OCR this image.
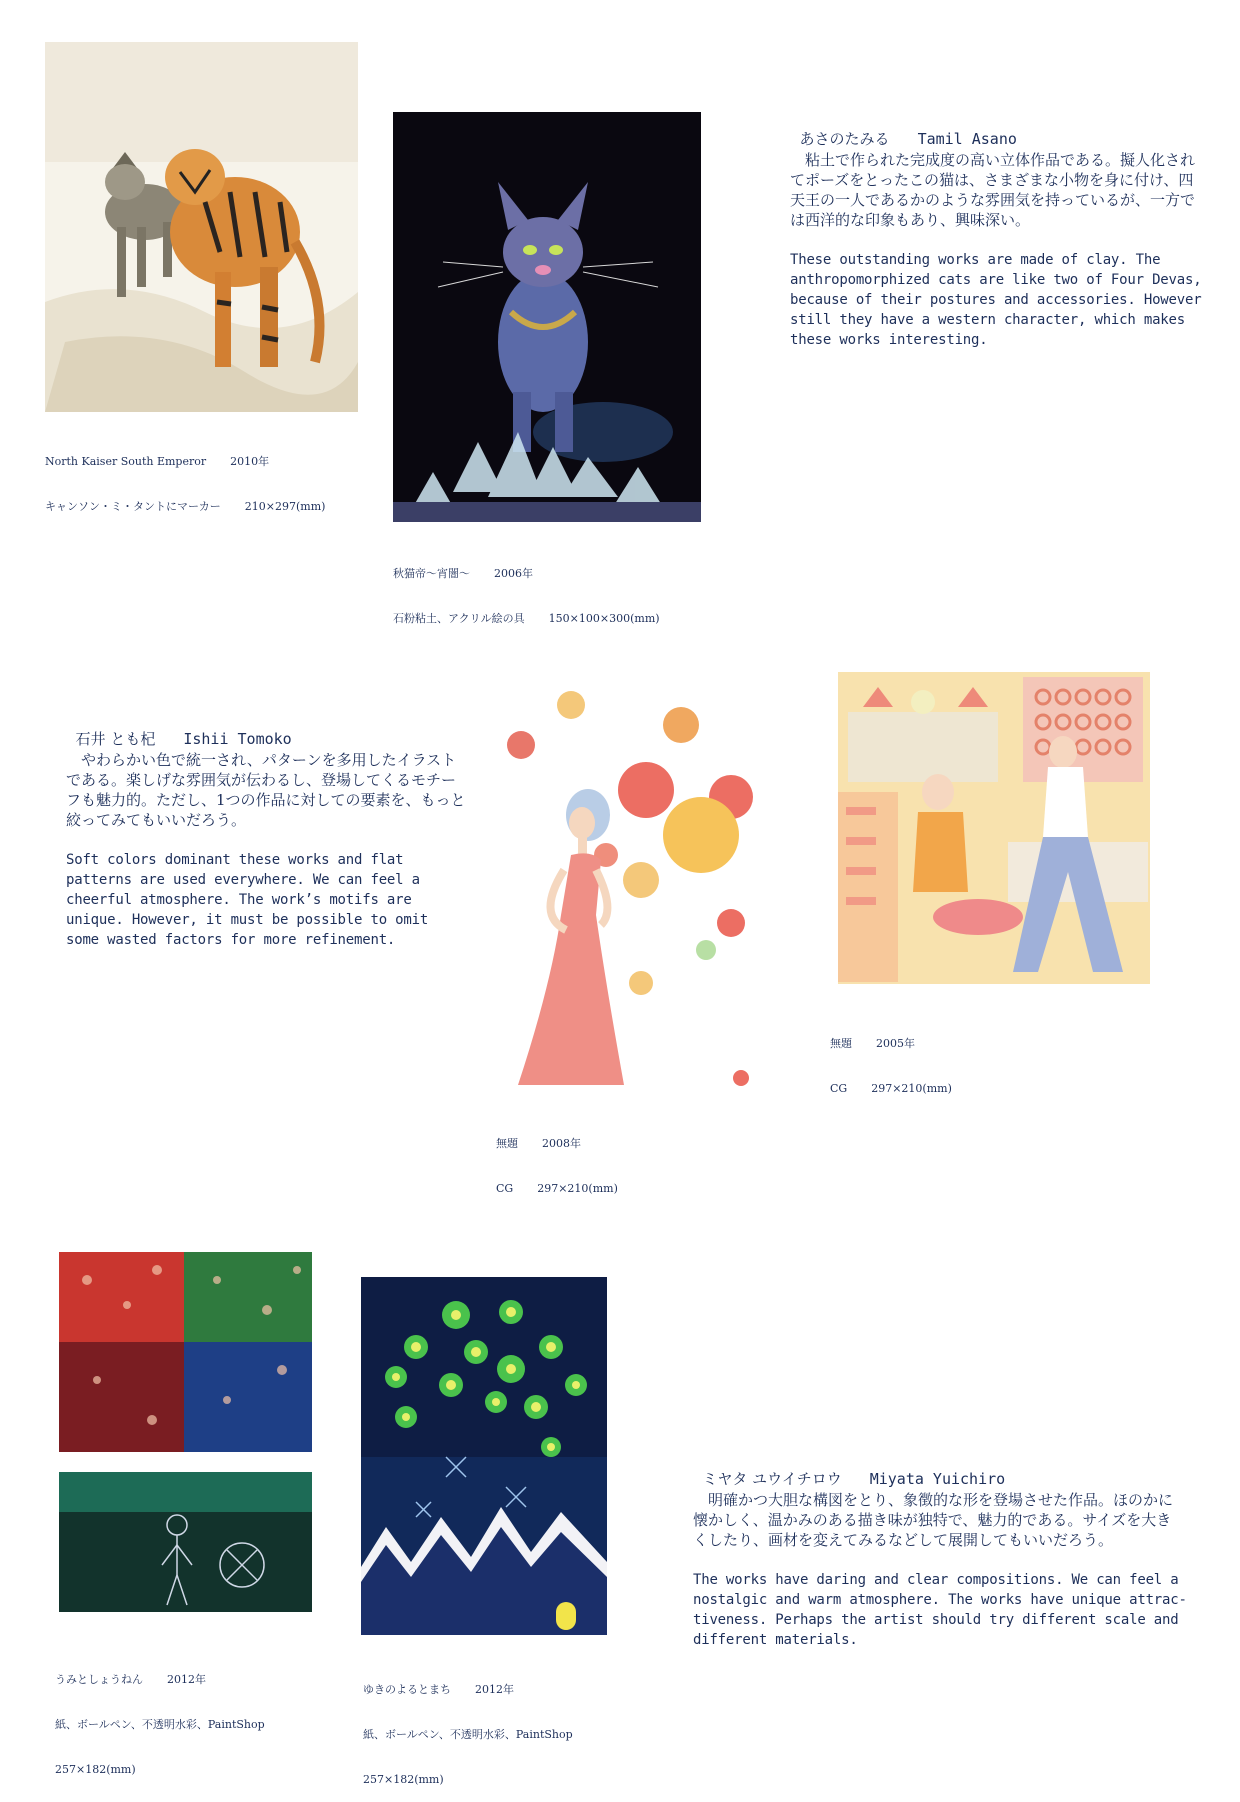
North Kaiser South Emperor 2010年

キャンソン・ミ・タントにマーカー 210×297(mm)

秋猫帝～宵闇～ 2006年

石粉粘土、アクリル絵の具 150×100×300(mm)

あさのたみる Tamil Asano

粘土で作られた完成度の高い立体作品である。擬人化されてポーズをとったこの猫は、さまざまな小物を身に付け、四天王の一人であるかのような雰囲気を持っているが、一方では西洋的な印象もあり、興味深い。
These outstanding works are made of clay. The anthropomorphized cats are like two of Four Devas, because of their postures and accessories. However still they have a western character, which makes these works interesting.

石井 とも杞 Ishii Tomoko

やわらかい色で統一され、パターンを多用したイラストである。楽しげな雰囲気が伝わるし、登場してくるモチーフも魅力的。ただし、1つの作品に対しての要素を、もっと絞ってみてもいいだろう。
Soft colors dominant these works and flat patterns are used everywhere. We can feel a cheerful atmosphere. The work’s motifs are unique. However, it must be possible to omit some wasted factors for more refinement.

無題 2008年

CG 297×210(mm)

無題 2005年

CG 297×210(mm)

うみとしょうねん 2012年

紙、ボールペン、不透明水彩、PaintShop

257×182(mm)

ゆきのよるとまち 2012年

紙、ボールペン、不透明水彩、PaintShop

257×182(mm)

ミヤタ ユウイチロウ Miyata Yuichiro

明確かつ大胆な構図をとり、象徴的な形を登場させた作品。ほのかに懐かしく、温かみのある描き味が独特で、魅力的である。サイズを大きくしたり、画材を変えてみるなどして展開してもいいだろう。
The works have daring and clear compositions. We can feel a nostalgic and warm atmosphere. The works have unique attrac-tiveness. Perhaps the artist should try different scale and different materials.
